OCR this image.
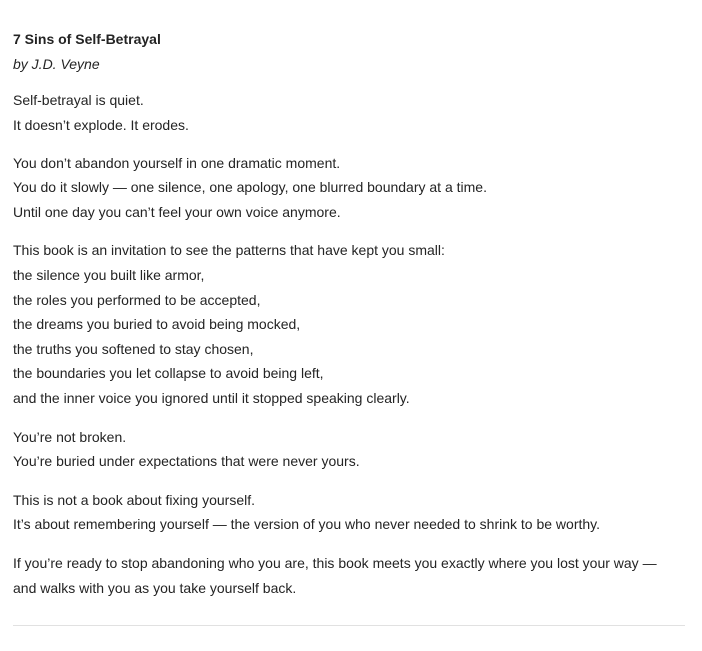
7 Sins of Self-Betrayal

by J.D. Veyne

Self-betrayal is quiet.
It doesn’t explode. It erodes.
You don’t abandon yourself in one dramatic moment.
You do it slowly — one silence, one apology, one blurred boundary at a time.
Until one day you can’t feel your own voice anymore.
This book is an invitation to see the patterns that have kept you small:
the silence you built like armor,
the roles you performed to be accepted,
the dreams you buried to avoid being mocked,
the truths you softened to stay chosen,
the boundaries you let collapse to avoid being left,
and the inner voice you ignored until it stopped speaking clearly.
You’re not broken.
You’re buried under expectations that were never yours.
This is not a book about fixing yourself.
It’s about remembering yourself — the version of you who never needed to shrink to be worthy.
If you’re ready to stop abandoning who you are, this book meets you exactly where you lost your way —
and walks with you as you take yourself back.
